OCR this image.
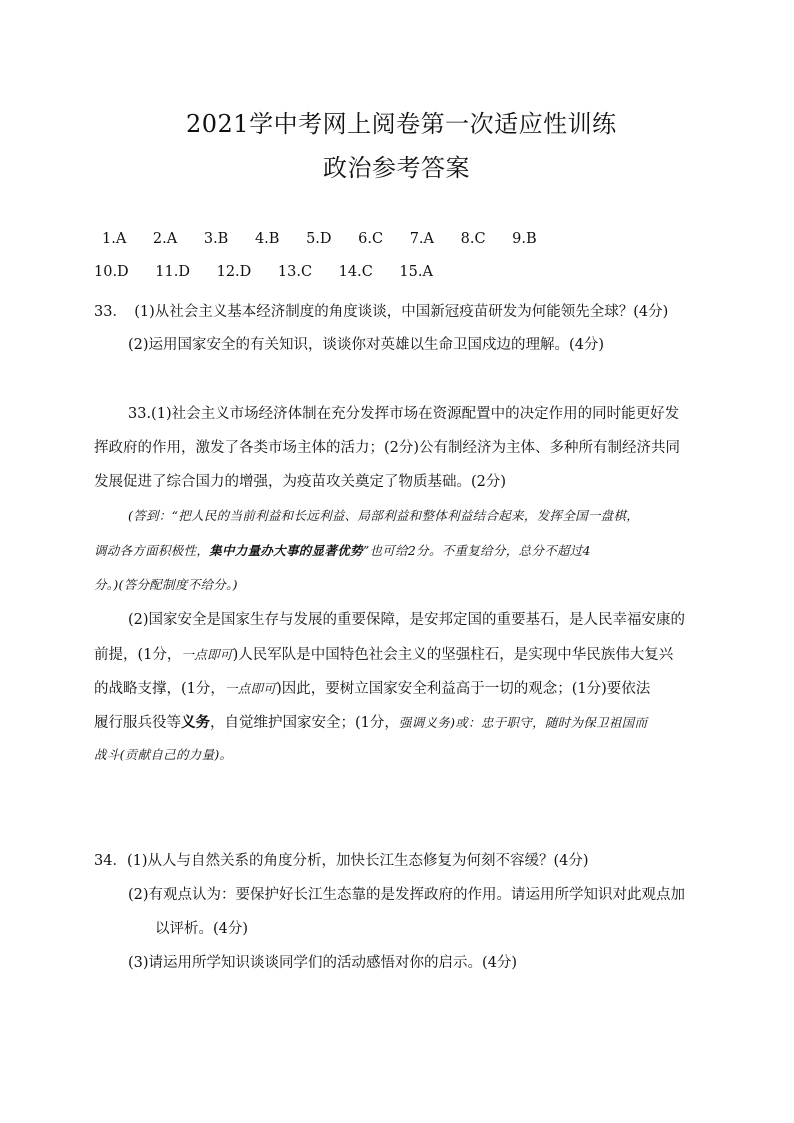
2021学中考网上阅卷第一次适应性训练
政治参考答案
1.A 2.A 3.B 4.B 5.D 6.C 7.A 8.C 9.B
10.D 11.D 12.D 13.C 14.C 15.A
33．　(1)从社会主义基本经济制度的角度谈谈，中国新冠疫苗研发为何能领先全球？(4分)
(2)运用国家安全的有关知识，谈谈你对英雄以生命卫国戍边的理解。(4分)
33.(1)社会主义市场经济体制在充分发挥市场在资源配置中的决定作用的同时能更好发
挥政府的作用，激发了各类市场主体的活力；(2分)公有制经济为主体、多种所有制经济共同
发展促进了综合国力的增强，为疫苗攻关奠定了物质基础。(2分)
(答到：“把人民的当前利益和长远利益、局部利益和整体利益结合起来，发挥全国一盘棋，
调动各方面积极性，集中力量办大事的显著优势”也可给2分。不重复给分，总分不超过4
分。)(答分配制度不给分。)
(2)国家安全是国家生存与发展的重要保障，是安邦定国的重要基石，是人民幸福安康的
前提，(1分，一点即可)人民军队是中国特色社会主义的坚强柱石，是实现中华民族伟大复兴
的战略支撑，(1分，一点即可)因此，要树立国家安全利益高于一切的观念；(1分)要依法
履行服兵役等义务，自觉维护国家安全；(1分，强调义务)或：忠于职守，随时为保卫祖国而
战斗(贡献自己的力量)。
34．(1)从人与自然关系的角度分析，加快长江生态修复为何刻不容缓？(4分)
(2)有观点认为：要保护好长江生态靠的是发挥政府的作用。请运用所学知识对此观点加
以评析。(4分)
(3)请运用所学知识谈谈同学们的活动感悟对你的启示。(4分)
